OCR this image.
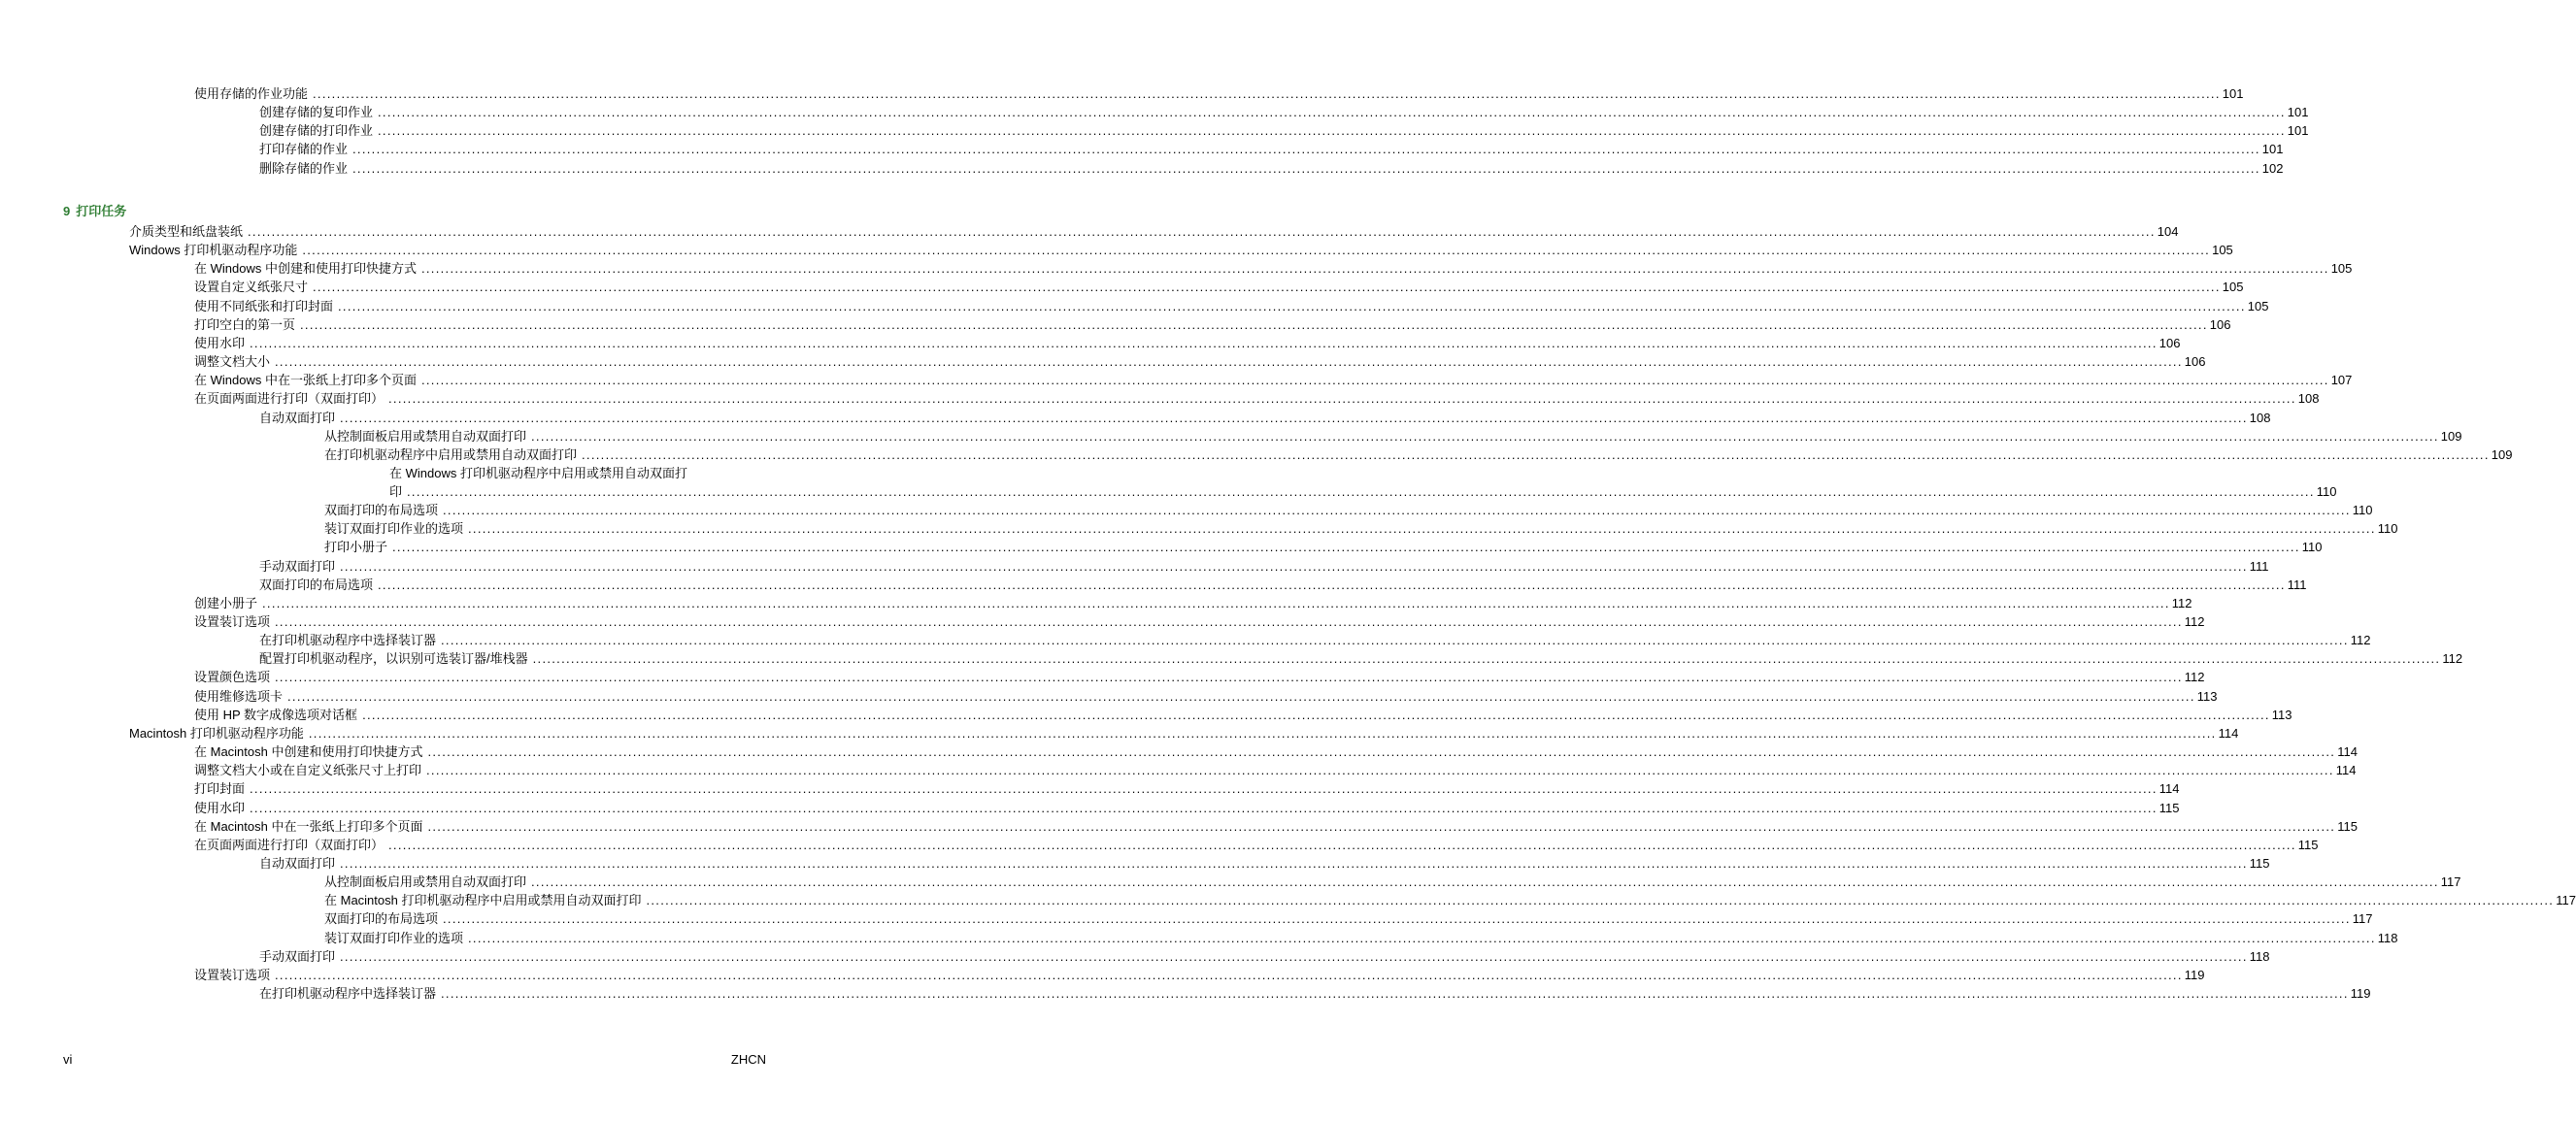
使用存储的作业功能 ................................................................................................................................................................................................................................................................................................................................................................................................................ 101
创建存储的复印作业 ................................................................................................................................................................................................................................................................................................................................................................................................................ 101
创建存储的打印作业 ................................................................................................................................................................................................................................................................................................................................................................................................................ 101
打印存储的作业 ................................................................................................................................................................................................................................................................................................................................................................................................................ 101
删除存储的作业 ................................................................................................................................................................................................................................................................................................................................................................................................................ 102
9 打印任务
介质类型和纸盘装纸 ................................................................................................................................................................................................................................................................................................................................................................................................................ 104
Windows 打印机驱动程序功能 ................................................................................................................................................................................................................................................................................................................................................................................................................ 105
在 Windows 中创建和使用打印快捷方式 ................................................................................................................................................................................................................................................................................................................................................................................................................ 105
设置自定义纸张尺寸 ................................................................................................................................................................................................................................................................................................................................................................................................................ 105
使用不同纸张和打印封面 ................................................................................................................................................................................................................................................................................................................................................................................................................ 105
打印空白的第一页 ................................................................................................................................................................................................................................................................................................................................................................................................................ 106
使用水印 ................................................................................................................................................................................................................................................................................................................................................................................................................ 106
调整文档大小 ................................................................................................................................................................................................................................................................................................................................................................................................................ 106
在 Windows 中在一张纸上打印多个页面 ................................................................................................................................................................................................................................................................................................................................................................................................................ 107
在页面两面进行打印（双面打印） ................................................................................................................................................................................................................................................................................................................................................................................................................ 108
自动双面打印 ................................................................................................................................................................................................................................................................................................................................................................................................................ 108
从控制面板启用或禁用自动双面打印 ................................................................................................................................................................................................................................................................................................................................................................................................................ 109
在打印机驱动程序中启用或禁用自动双面打印 ................................................................................................................................................................................................................................................................................................................................................................................................................ 109
在 Windows 打印机驱动程序中启用或禁用自动双面打
印 ................................................................................................................................................................................................................................................................................................................................................................................................................ 110
双面打印的布局选项 ................................................................................................................................................................................................................................................................................................................................................................................................................ 110
装订双面打印作业的选项 ................................................................................................................................................................................................................................................................................................................................................................................................................ 110
打印小册子 ................................................................................................................................................................................................................................................................................................................................................................................................................ 110
手动双面打印 ................................................................................................................................................................................................................................................................................................................................................................................................................ 111
双面打印的布局选项 ................................................................................................................................................................................................................................................................................................................................................................................................................ 111
创建小册子 ................................................................................................................................................................................................................................................................................................................................................................................................................ 112
设置装订选项 ................................................................................................................................................................................................................................................................................................................................................................................................................ 112
在打印机驱动程序中选择装订器 ................................................................................................................................................................................................................................................................................................................................................................................................................ 112
配置打印机驱动程序，以识别可选装订器/堆栈器 ................................................................................................................................................................................................................................................................................................................................................................................................................ 112
设置颜色选项 ................................................................................................................................................................................................................................................................................................................................................................................................................ 112
使用维修选项卡 ................................................................................................................................................................................................................................................................................................................................................................................................................ 113
使用 HP 数字成像选项对话框 ................................................................................................................................................................................................................................................................................................................................................................................................................ 113
Macintosh 打印机驱动程序功能 ................................................................................................................................................................................................................................................................................................................................................................................................................ 114
在 Macintosh 中创建和使用打印快捷方式 ................................................................................................................................................................................................................................................................................................................................................................................................................ 114
调整文档大小或在自定义纸张尺寸上打印 ................................................................................................................................................................................................................................................................................................................................................................................................................ 114
打印封面 ................................................................................................................................................................................................................................................................................................................................................................................................................ 114
使用水印 ................................................................................................................................................................................................................................................................................................................................................................................................................ 115
在 Macintosh 中在一张纸上打印多个页面 ................................................................................................................................................................................................................................................................................................................................................................................................................ 115
在页面两面进行打印（双面打印） ................................................................................................................................................................................................................................................................................................................................................................................................................ 115
自动双面打印 ................................................................................................................................................................................................................................................................................................................................................................................................................ 115
从控制面板启用或禁用自动双面打印 ................................................................................................................................................................................................................................................................................................................................................................................................................ 117
在 Macintosh 打印机驱动程序中启用或禁用自动双面打印 ................................................................................................................................................................................................................................................................................................................................................................................................................ 117
双面打印的布局选项 ................................................................................................................................................................................................................................................................................................................................................................................................................ 117
装订双面打印作业的选项 ................................................................................................................................................................................................................................................................................................................................................................................................................ 118
手动双面打印 ................................................................................................................................................................................................................................................................................................................................................................................................................ 118
设置装订选项 ................................................................................................................................................................................................................................................................................................................................................................................................................ 119
在打印机驱动程序中选择装订器 ................................................................................................................................................................................................................................................................................................................................................................................................................ 119
vi	ZHCN
